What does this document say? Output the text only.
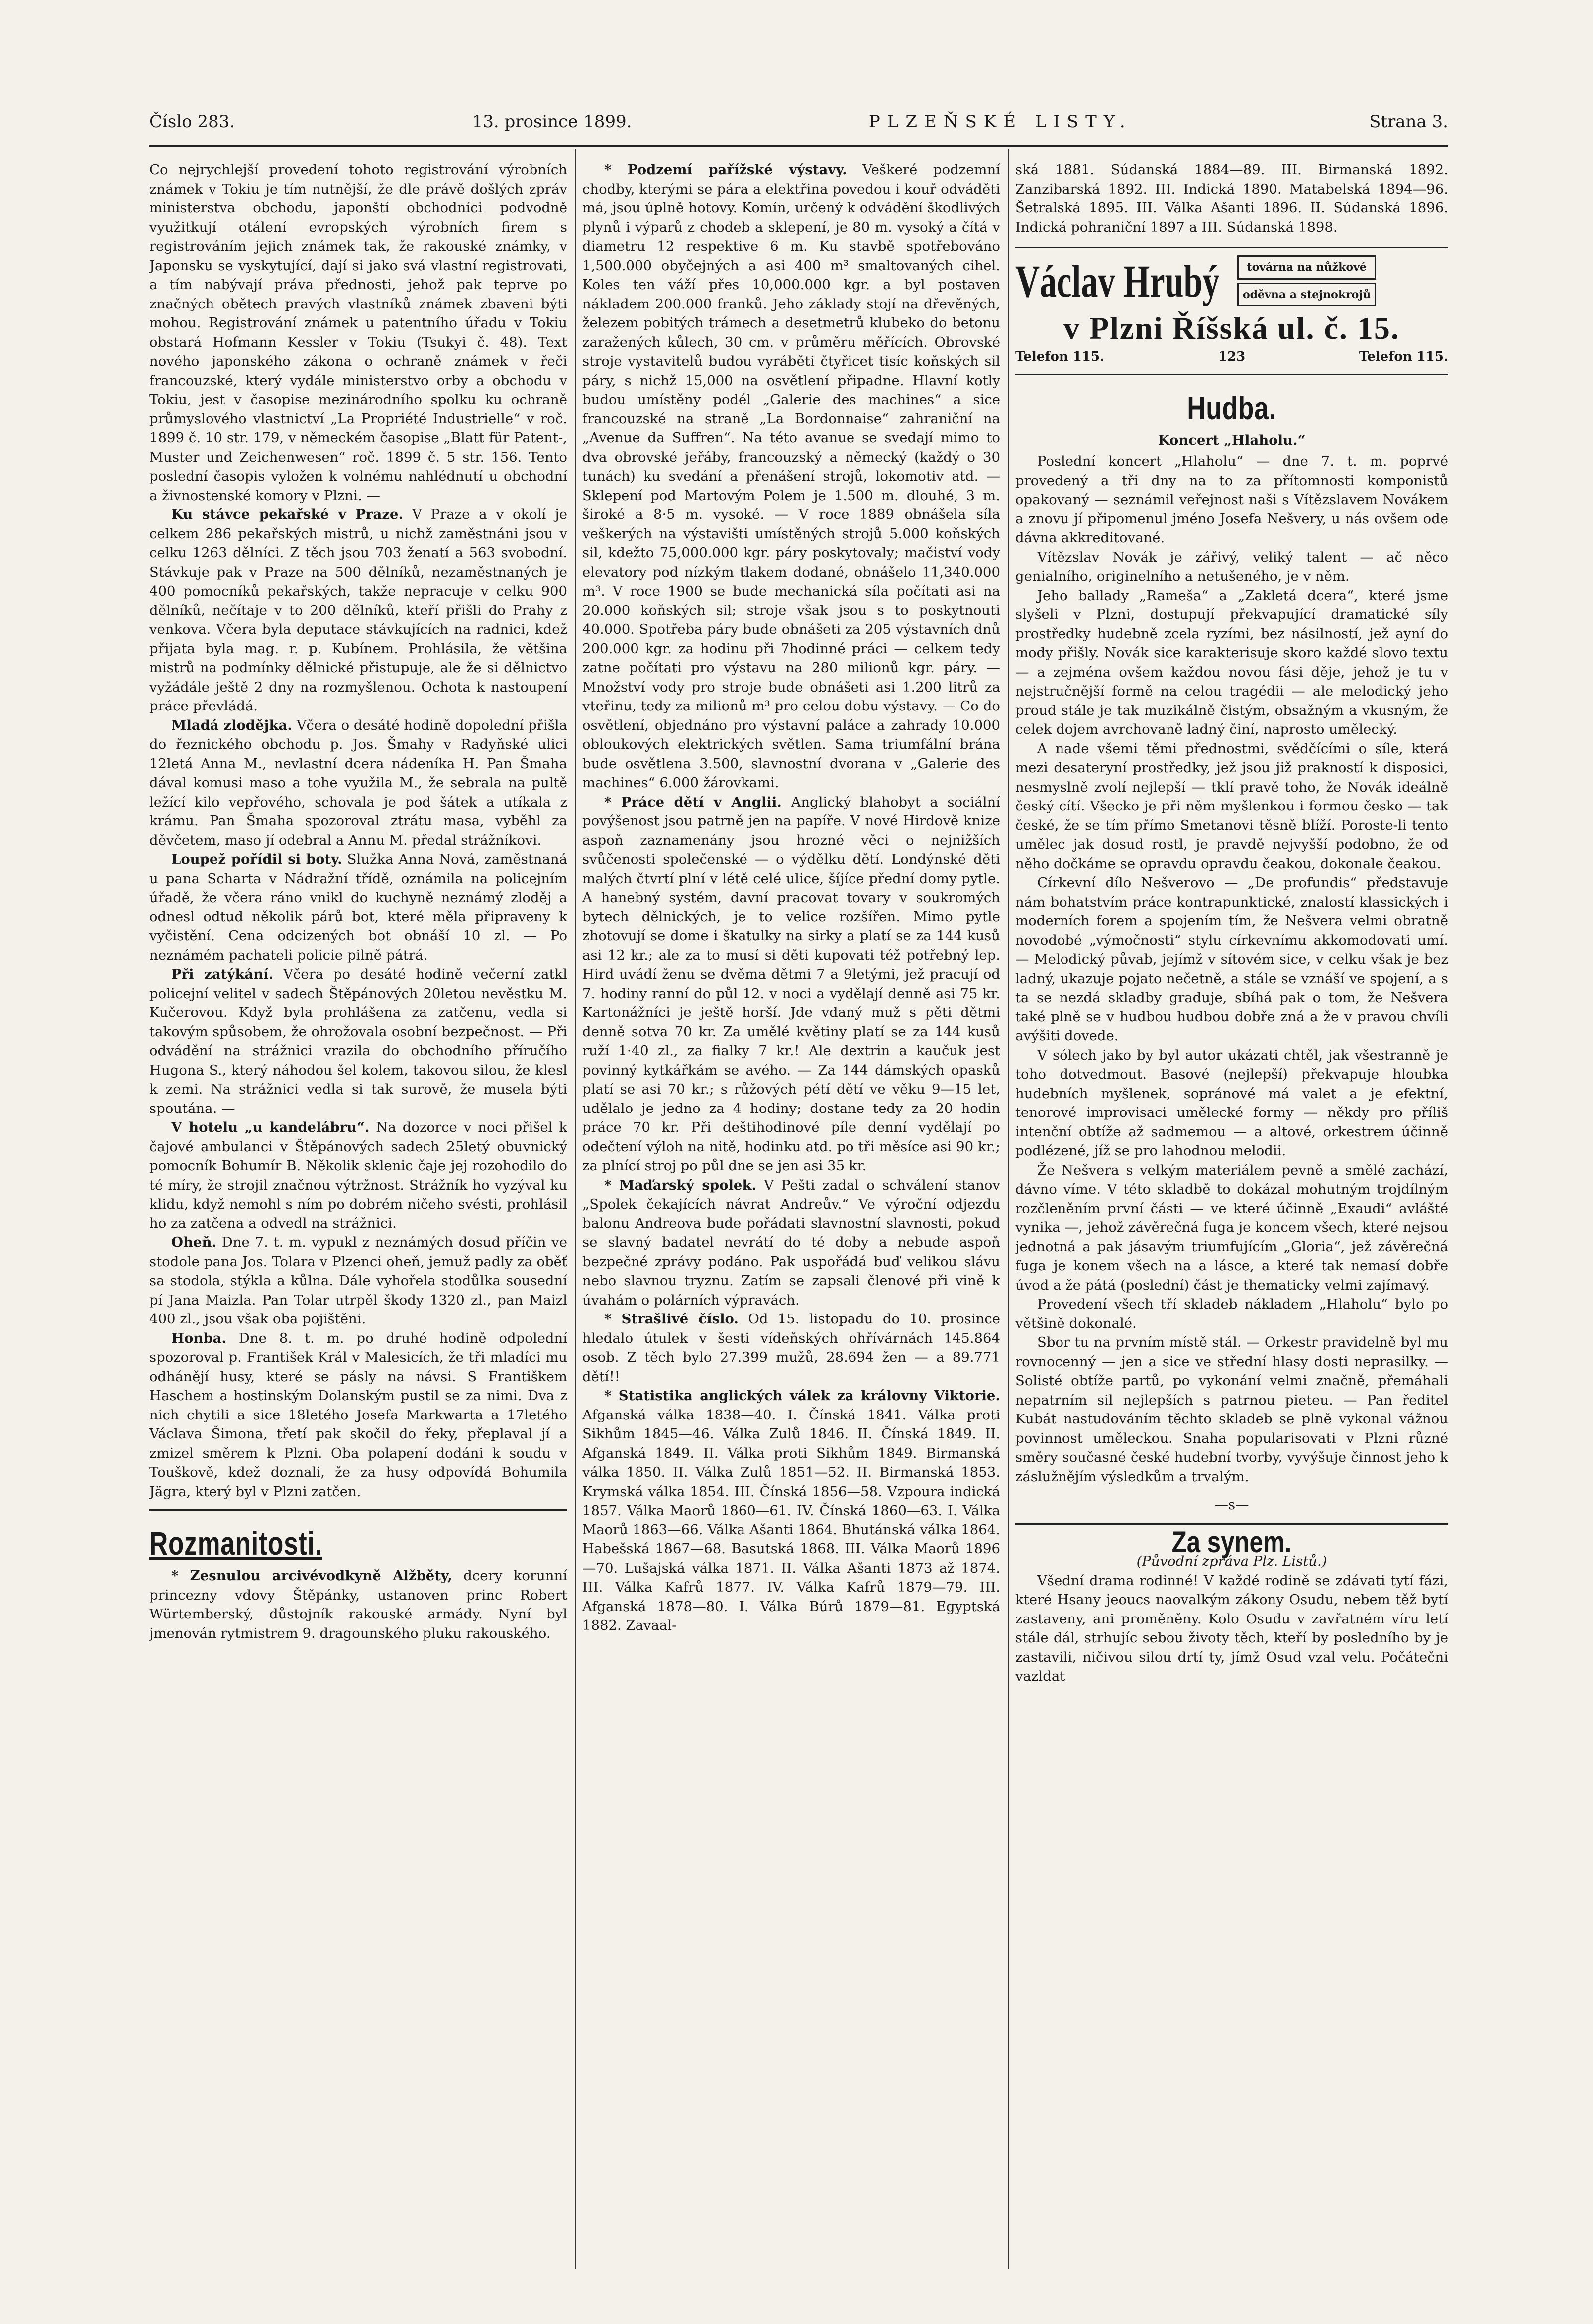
Číslo 283.	13. prosince 1899.	PLZEŇSKÉ LISTY.	Strana 3.

Co nejrychlejší provedení tohoto registrování výrobních známek v Tokiu je tím nutnější, že dle právě došlých zpráv ministerstva obchodu, japonští obchodníci podvodně využitkují otálení evropských výrobních firem s registrováním jejich známek tak, že rakouské známky, v Japonsku se vyskytující, dají si jako svá vlastní registrovati, a tím nabývají práva přednosti, jehož pak teprve po značných obětech pravých vlastníků známek zbaveni býti mohou. Registrování známek u patentního úřadu v Tokiu obstará Hofmann Kessler v Tokiu (Tsukyi č. 48). Text nového japonského zákona o ochraně známek v řeči francouzské, který vydále ministerstvo orby a obchodu v Tokiu, jest v časopise mezinárodního spolku ku ochraně průmyslového vlastnictví „La Propriété Industrielle“ v roč. 1899 č. 10 str. 179, v německém časopise „Blatt für Patent-, Muster und Zeichenwesen“ roč. 1899 č. 5 str. 156. Tento poslední časopis vyložen k volnému nahlédnutí u obchodní a živnostenské komory v Plzni. —

Ku stávce pekařské v Praze. V Praze a v okolí je celkem 286 pekařských mistrů, u nichž zaměstnáni jsou v celku 1263 dělníci. Z těch jsou 703 ženatí a 563 svobodní. Stávkuje pak v Praze na 500 dělníků, nezaměstnaných je 400 pomocníků pekařských, takže nepracuje v celku 900 dělníků, nečítaje v to 200 dělníků, kteří přišli do Prahy z venkova. Včera byla deputace stávkujících na radnici, kdež přijata byla mag. r. p. Kubínem. Prohlásila, že většina mistrů na podmínky dělnické přistupuje, ale že si dělnictvo vyžádále ještě 2 dny na rozmyšlenou. Ochota k nastoupení práce převládá.

Mladá zlodějka. Včera o desáté hodině dopolední přišla do řeznického obchodu p. Jos. Šmahy v Radyňské ulici 12letá Anna M., nevlastní dcera nádeníka H. Pan Šmaha dával komusi maso a tohe využila M., že sebrala na pultě ležící kilo vepřového, schovala je pod šátek a utíkala z krámu. Pan Šmaha spozoroval ztrátu masa, vyběhl za děvčetem, maso jí odebral a Annu M. předal strážníkovi.

Loupež pořídil si boty. Služka Anna Nová, zaměstnaná u pana Scharta v Nádražní třídě, oznámila na policejním úřadě, že včera ráno vnikl do kuchyně neznámý zloděj a odnesl odtud několik párů bot, které měla připraveny k vyčistění. Cena odcizených bot obnáší 10 zl. — Po neznámém pachateli policie pilně pátrá.

Při zatýkání. Včera po desáté hodině večerní zatkl policejní velitel v sadech Štěpánových 20letou nevěstku M. Kučerovou. Když byla prohlášena za zatčenu, vedla si takovým spůsobem, že ohrožovala osobní bezpečnost. — Při odvádění na strážnici vrazila do obchodního příručího Hugona S., který náhodou šel kolem, takovou silou, že klesl k zemi. Na strážnici vedla si tak surově, že musela býti spoutána. —

V hotelu „u kandelábru“. Na dozorce v noci přišel k čajové ambulanci v Štěpánových sadech 25letý obuvnický pomocník Bohumír B. Několik sklenic čaje jej rozohodilo do té míry, že strojil značnou výtržnost. Strážník ho vyzýval ku klidu, když nemohl s ním po dobrém ničeho svésti, prohlásil ho za zatčena a odvedl na strážnici.

Oheň. Dne 7. t. m. vypukl z neznámých dosud příčin ve stodole pana Jos. Tolara v Plzenci oheň, jemuž padly za oběť sa stodola, stýkla a kůlna. Dále vyhořela stodůlka sousední pí Jana Maizla. Pan Tolar utrpěl škody 1320 zl., pan Maizl 400 zl., jsou však oba pojištěni.

Honba. Dne 8. t. m. po druhé hodině odpolední spozoroval p. František Král v Malesicích, že tři mladíci mu odhánějí husy, které se pásly na návsi. S Františkem Haschem a hostinským Dolanským pustil se za nimi. Dva z nich chytili a sice 18letého Josefa Markwarta a 17letého Václava Šimona, třetí pak skočil do řeky, přeplaval jí a zmizel směrem k Plzni. Oba polapení dodáni k soudu v Touškově, kdež doznali, že za husy odpovídá Bohumila Jägra, který byl v Plzni zatčen.

Rozmanitosti.

* Zesnulou arcivévodkyně Alžběty, dcery korunní princezny vdovy Štěpánky, ustanoven princ Robert Würtemberský, důstojník rakouské armády. Nyní byl jmenován rytmistrem 9. dragounského pluku rakouského.

* Podzemí pařížské výstavy. Veškeré podzemní chodby, kterými se pára a elektřina povedou i kouř odváděti má, jsou úplně hotovy. Komín, určený k odvádění škodlivých plynů i výparů z chodeb a sklepení, je 80 m. vysoký a čítá v diametru 12 respektive 6 m. Ku stavbě spotřebováno 1,500.000 obyčejných a asi 400 m³ smaltovaných cihel. Koles ten váží přes 10,000.000 kgr. a byl postaven nákladem 200.000 franků. Jeho základy stojí na dřevěných, železem pobitých trámech a desetmetrů klubeko do betonu zaražených kůlech, 30 cm. v průměru měřících. Obrovské stroje vystavitelů budou vyráběti čtyřicet tisíc koňských sil páry, s nichž 15,000 na osvětlení připadne. Hlavní kotly budou umístěny podél „Galerie des machines“ a sice francouzské na straně „La Bordonnaise“ zahraniční na „Avenue da Suffren“. Na této avanue se svedají mimo to dva obrovské jeřáby, francouzský a německý (každý o 30 tunách) ku svedání a přenášení strojů, lokomotiv atd. — Sklepení pod Martovým Polem je 1.500 m. dlouhé, 3 m. široké a 8·5 m. vysoké. — V roce 1889 obnášela síla veškerých na výstavišti umístěných strojů 5.000 koňských sil, kdežto 75,000.000 kgr. páry poskytovaly; mačiství vody elevatory pod nízkým tlakem dodané, obnášelo 11,340.000 m³. V roce 1900 se bude mechanická síla počítati asi na 20.000 koňských sil; stroje však jsou s to poskytnouti 40.000. Spotřeba páry bude obnášeti za 205 výstavních dnů 200.000 kgr. za hodinu při 7hodinné práci — celkem tedy zatne počítati pro výstavu na 280 milionů kgr. páry. — Množství vody pro stroje bude obnášeti asi 1.200 litrů za vteřinu, tedy za milionů m³ pro celou dobu výstavy. — Co do osvětlení, objednáno pro výstavní paláce a zahrady 10.000 obloukových elektrických světlen. Sama triumfální brána bude osvětlena 3.500, slavnostní dvorana v „Galerie des machines“ 6.000 žárovkami.

* Práce dětí v Anglii. Anglický blahobyt a sociální povýšenost jsou patrně jen na papíře. V nové Hirdově knize aspoň zaznamenány jsou hrozné věci o nejnižších svůčenosti společenské — o výdělku dětí. Londýnské děti malých čtvrtí plní v létě celé ulice, šíjíce přední domy pytle. A hanebný systém, davní pracovat tovary v soukromých bytech dělnických, je to velice rozšířen. Mimo pytle zhotovují se dome i škatulky na sirky a platí se za 144 kusů asi 12 kr.; ale za to musí si děti kupovati též potřebný lep. Hird uvádí ženu se dvěma dětmi 7 a 9letými, jež pracují od 7. hodiny ranní do půl 12. v noci a vydělají denně asi 75 kr. Kartonážníci je ještě horší. Jde vdaný muž s pěti dětmi denně sotva 70 kr. Za umělé květiny platí se za 144 kusů ruží 1·40 zl., za fialky 7 kr.! Ale dextrin a kaučuk jest povinný kytkářkám se avého. — Za 144 dámských opasků platí se asi 70 kr.; s růžových pétí dětí ve věku 9—15 let, udělalo je jedno za 4 hodiny; dostane tedy za 20 hodin práce 70 kr. Při deštihodinové píle denní vydělají po odečtení výloh na nitě, hodinku atd. po tři měsíce asi 90 kr.; za plnící stroj po půl dne se jen asi 35 kr.

* Maďarský spolek. V Pešti zadal o schválení stanov „Spolek čekajících návrat Andreův.“ Ve výroční odjezdu balonu Andreova bude pořádati slavnostní slavnosti, pokud se slavný badatel nevrátí do té doby a nebude aspoň bezpečné zprávy podáno. Pak uspořádá buď velikou slávu nebo slavnou tryznu. Zatím se zapsali členové při vině k úvahám o polárních výpravách.

* Strašlivé číslo. Od 15. listopadu do 10. prosince hledalo útulek v šesti vídeňských ohřívárnách 145.864 osob. Z těch bylo 27.399 mužů, 28.694 žen — a 89.771 dětí!!

* Statistika anglických válek za královny Viktorie. Afganská válka 1838—40. I. Čínská 1841. Válka proti Sikhům 1845—46. Válka Zulů 1846. II. Čínská 1849. II. Afganská 1849. II. Válka proti Sikhům 1849. Birmanská válka 1850. II. Válka Zulů 1851—52. II. Birmanská 1853. Krymská válka 1854. III. Čínská 1856—58. Vzpoura indická 1857. Válka Maorů 1860—61. IV. Čínská 1860—63. I. Válka Maorů 1863—66. Válka Ašanti 1864. Bhutánská válka 1864. Habešská 1867—68. Basutská 1868. III. Válka Maorů 1896—70. Lušajská válka 1871. II. Válka Ašanti 1873 až 1874. III. Válka Kafrů 1877. IV. Válka Kafrů 1879—79. III. Afganská 1878—80. I. Válka Búrů 1879—81. Egyptská 1882. Zavaal-

ská 1881. Súdanská 1884—89. III. Birmanská 1892. Zanzibarská 1892. III. Indická 1890. Matabelská 1894—96. Šetralská 1895. III. Válka Ašanti 1896. II. Súdanská 1896. Indická pohraniční 1897 a III. Súdanská 1898.

Václav Hrubý	továrna na nůžkové
oděvna a stejnokrojů
v Plzni Říšská ul. č. 15.
Telefon 115.	123	Telefon 115.
Hudba.
Koncert „Hlaholu.“

Poslední koncert „Hlaholu“ — dne 7. t. m. poprvé provedený a tři dny na to za přítomnosti komponistů opakovaný — seznámil veřejnost naši s Vítězslavem Novákem a znovu jí připomenul jméno Josefa Nešvery, u nás ovšem ode dávna akkreditované.

Vítězslav Novák je zářivý, veliký talent — ač něco genialního, originelního a netušeného, je v něm.

Jeho ballady „Rameša“ a „Zakletá dcera“, které jsme slyšeli v Plzni, dostupují překvapující dramatické síly prostředky hudebně zcela ryzími, bez násilností, jež ayní do mody přišly. Novák sice karakterisuje skoro každé slovo textu — a zejména ovšem každou novou fási děje, jehož je tu v nejstručnější formě na celou tragédii — ale melodický jeho proud stále je tak muzikálně čistým, obsažným a vkusným, že celek dojem avrchovaně ladný činí, naprosto umělecký.

A nade všemi těmi přednostmi, svědčícími o síle, která mezi desateryní prostředky, jež jsou již prakností k disposici, nesmyslně zvolí nejlepší — tklí pravě toho, že Novák ideálně český cítí. Všecko je při něm myšlenkou i formou česko — tak české, že se tím přímo Smetanovi těsně blíží. Poroste-li tento umělec jak dosud rostl, je pravdě nejvyšší podobno, že od něho dočkáme se opravdu opravdu čeakou, dokonale čeakou.

Církevní dílo Nešverovo — „De profundis“ představuje nám bohatstvím práce kontrapunktické, znalostí klassických i moderních forem a spojením tím, že Nešvera velmi obratně novodobé „výmočnosti“ stylu církevnímu akkomodovati umí. — Melodický půvab, jejímž v sítovém sice, v celku však je bez ladný, ukazuje pojato nečetně, a stále se vznáší ve spojení, a s ta se nezdá skladby graduje, sbíhá pak o tom, že Nešvera také plně se v hudbou hudbou dobře zná a že v pravou chvíli avýšiti dovede.

V sólech jako by byl autor ukázati chtěl, jak všestranně je toho dotvedmout. Basové (nejlepší) překvapuje hloubka hudebních myšlenek, sopránové má valet a je efektní, tenorové improvisaci umělecké formy — někdy pro příliš intenční obtíže až sadmemou — a altové, orkestrem účinně podlézené, jíž se pro lahodnou melodii.

Že Nešvera s velkým materiálem pevně a smělé zachází, dávno víme. V této skladbě to dokázal mohutným trojdílným rozčleněním první části — ve které účinně „Exaudi“ avlášté vynika —, jehož závěrečná fuga je koncem všech, které nejsou jednotná a pak jásavým triumfujícím „Gloria“, jež závěrečná fuga je konem všech na a lásce, a které tak nemasí dobře úvod a že pátá (poslední) část je thematicky velmi zajímavý.

Provedení všech tří skladeb nákladem „Hlaholu“ bylo po většině dokonalé.

Sbor tu na prvním místě stál. — Orkestr pravidelně byl mu rovnocenný — jen a sice ve střední hlasy dosti neprasilky. — Solisté obtíže partů, po vykonání velmi značně, přemáhali nepatrním sil nejlepších s patrnou pieteu. — Pan ředitel Kubát nastudováním těchto skladeb se plně vykonal vážnou povinnost uměleckou. Snaha popularisovati v Plzni různé směry současné české hudební tvorby, vyvýšuje činnost jeho k záslužnějím výsledkům a trvalým.

—s—
Za synem.
(Původní zpráva Plz. Listů.)

Všední drama rodinné! V každé rodině se zdávati tytí fázi, které Hsany jeoucs naovalkým zákony Osudu, nebem těž bytí zastaveny, ani proměněny. Kolo Osudu v zavřatném víru letí stále dál, strhujíc sebou životy těch, kteří by posledního by je zastavili, ničivou silou drtí ty, jímž Osud vzal velu. Počátečni vazldat
